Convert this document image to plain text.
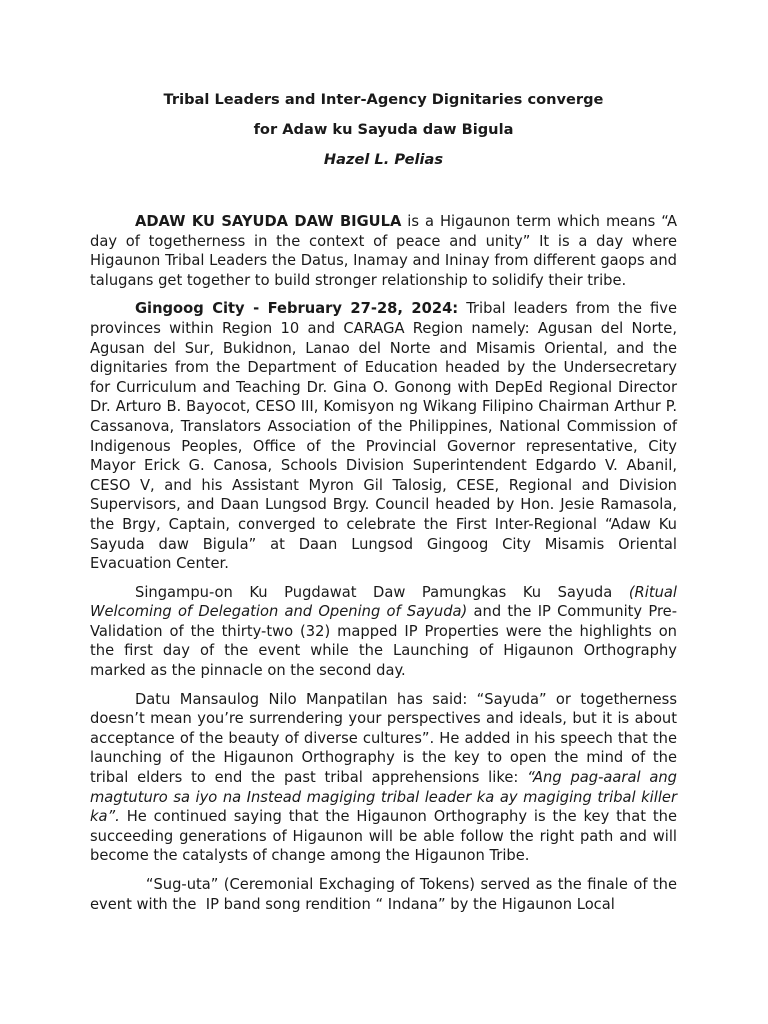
Tribal Leaders and Inter-Agency Dignitaries converge
for Adaw ku Sayuda daw Bigula
Hazel L. Pelias

ADAW KU SAYUDA DAW BIGULA is a Higaunon term which means “A day of togetherness in the context of peace and unity” It is a day where Higaunon Tribal Leaders the Datus, Inamay and Ininay from different gaops and talugans get together to build stronger relationship to solidify their tribe.

Gingoog City - February 27-28, 2024: Tribal leaders from the five provinces within Region 10 and CARAGA Region namely: Agusan del Norte, Agusan del Sur, Bukidnon, Lanao del Norte and Misamis Oriental, and the dignitaries from the Department of Education headed by the Undersecretary for Curriculum and Teaching Dr. Gina O. Gonong with DepEd Regional Director Dr. Arturo B. Bayocot, CESO III, Komisyon ng Wikang Filipino Chairman Arthur P. Cassanova, Translators Association of the Philippines, National Commission of Indigenous Peoples, Office of the Provincial Governor representative, City Mayor Erick G. Canosa, Schools Division Superintendent Edgardo V. Abanil, CESO V, and his Assistant Myron Gil Talosig, CESE, Regional and Division Supervisors, and Daan Lungsod Brgy. Council headed by Hon. Jesie Ramasola, the Brgy, Captain, converged to celebrate the First Inter-Regional “Adaw Ku Sayuda daw Bigula” at Daan Lungsod Gingoog City Misamis Oriental Evacuation Center.

Singampu-on Ku Pugdawat Daw Pamungkas Ku Sayuda (Ritual Welcoming of Delegation and Opening of Sayuda) and the IP Community Pre-Validation of the thirty-two (32) mapped IP Properties were the highlights on the first day of the event while the Launching of Higaunon Orthography marked as the pinnacle on the second day.

Datu Mansaulog Nilo Manpatilan has said: “Sayuda” or togetherness doesn’t mean you’re surrendering your perspectives and ideals, but it is about acceptance of the beauty of diverse cultures”. He added in his speech that the launching of the Higaunon Orthography is the key to open the mind of the tribal elders to end the past tribal apprehensions like: “Ang pag-aaral ang magtuturo sa iyo na Instead magiging tribal leader ka ay magiging tribal killer ka”. He continued saying that the Higaunon Orthography is the key that the succeeding generations of Higaunon will be able follow the right path and will become the catalysts of change among the Higaunon Tribe.

“Sug-uta” (Ceremonial Exchaging of Tokens) served as the finale of the event with the  IP band song rendition “ Indana” by the Higaunon Local
